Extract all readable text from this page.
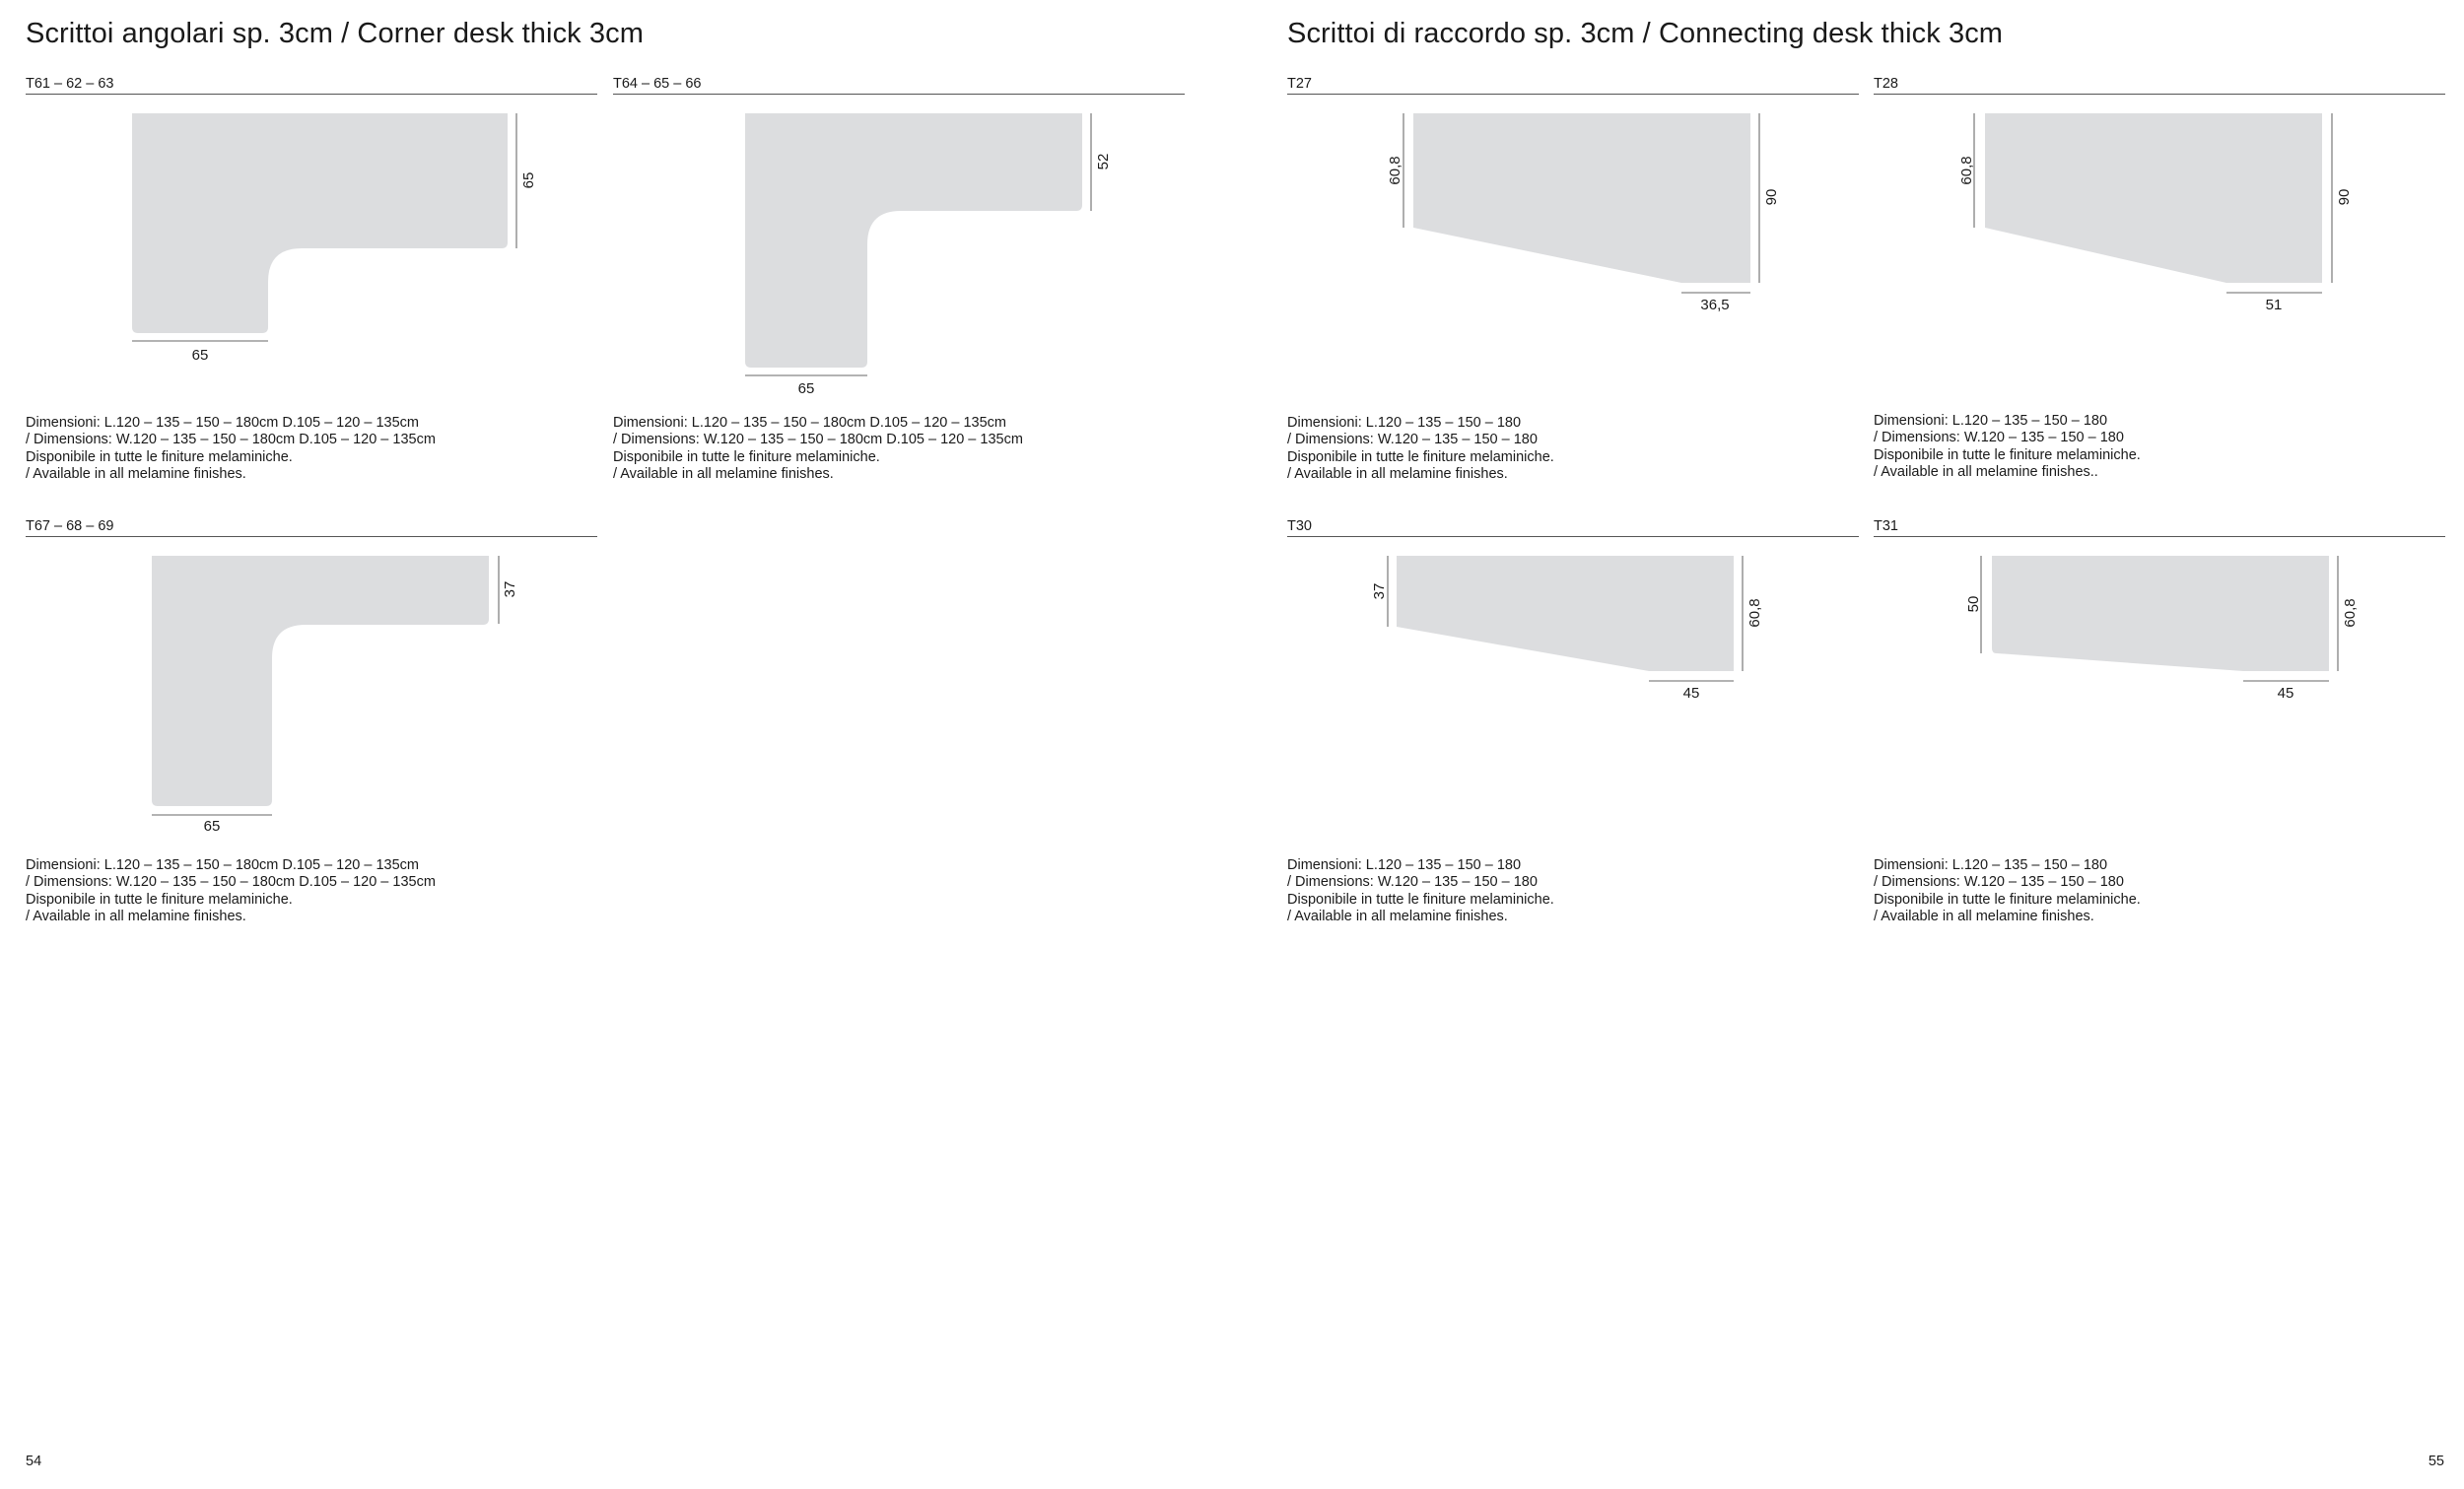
Scrittoi angolari sp. 3cm / Corner desk thick 3cm	Scrittoi di raccordo sp. 3cm / Connecting desk thick 3cm
T61 – 62 – 63	T64 – 65 – 66
T67 – 68 – 69
T27	T28
T30	T31
65
65
52
65
37
65
60,8
90
36,5
60,8
90
51
37
60,8
45
50	60,8
45
Dimensioni: L.120 – 135 – 150 – 180cm D.105 – 120 – 135cm
/ Dimensions: W.120 – 135 – 150 – 180cm D.105 – 120 – 135cm
Disponibile in tutte le finiture melaminiche.
/ Available in all melamine finishes.
Dimensioni: L.120 – 135 – 150 – 180cm D.105 – 120 – 135cm
/ Dimensions: W.120 – 135 – 150 – 180cm D.105 – 120 – 135cm
Disponibile in tutte le finiture melaminiche.
/ Available in all melamine finishes.
Dimensioni: L.120 – 135 – 150 – 180cm D.105 – 120 – 135cm
/ Dimensions: W.120 – 135 – 150 – 180cm D.105 – 120 – 135cm
Disponibile in tutte le finiture melaminiche.
/ Available in all melamine finishes.
Dimensioni: L.120 – 135 – 150 – 180
/ Dimensions: W.120 – 135 – 150 – 180
Disponibile in tutte le finiture melaminiche.
/ Available in all melamine finishes.
Dimensioni: L.120 – 135 – 150 – 180
/ Dimensions: W.120 – 135 – 150 – 180
Disponibile in tutte le finiture melaminiche.
/ Available in all melamine finishes..
Dimensioni: L.120 – 135 – 150 – 180
/ Dimensions: W.120 – 135 – 150 – 180
Disponibile in tutte le finiture melaminiche.
/ Available in all melamine finishes.
Dimensioni: L.120 – 135 – 150 – 180
/ Dimensions: W.120 – 135 – 150 – 180
Disponibile in tutte le finiture melaminiche.
/ Available in all melamine finishes.
54	55
